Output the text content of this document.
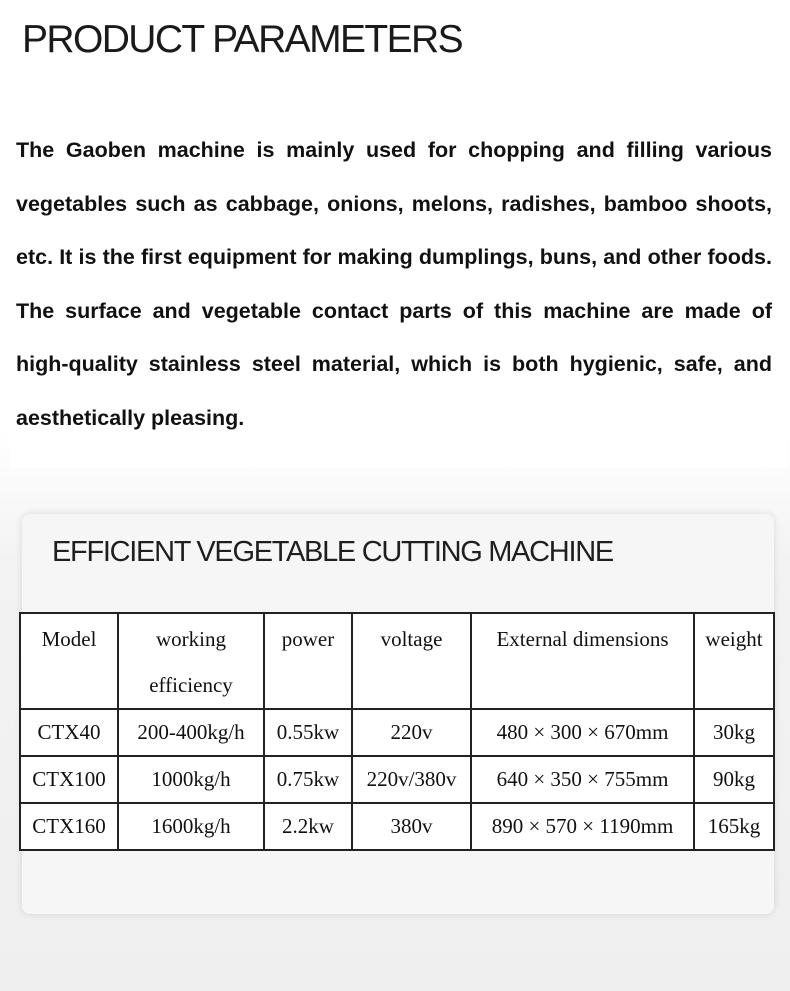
PRODUCT PARAMETERS

The Gaoben machine is mainly used for chopping and filling various vegetables such as cabbage, onions, melons, radishes, bamboo shoots, etc. It is the first equipment for making dumplings, buns, and other foods. The surface and vegetable contact parts of this machine are made of high-quality stainless steel material, which is both hygienic, safe, and aesthetically pleasing.

EFFICIENT VEGETABLE CUTTING MACHINE
Model	working efficiency	power	voltage	External dimensions	weight
CTX40	200-400kg/h	0.55kw	220v	480 × 300 × 670mm	30kg
CTX100	1000kg/h	0.75kw	220v/380v	640 × 350 × 755mm	90kg
CTX160	1600kg/h	2.2kw	380v	890 × 570 × 1190mm	165kg
